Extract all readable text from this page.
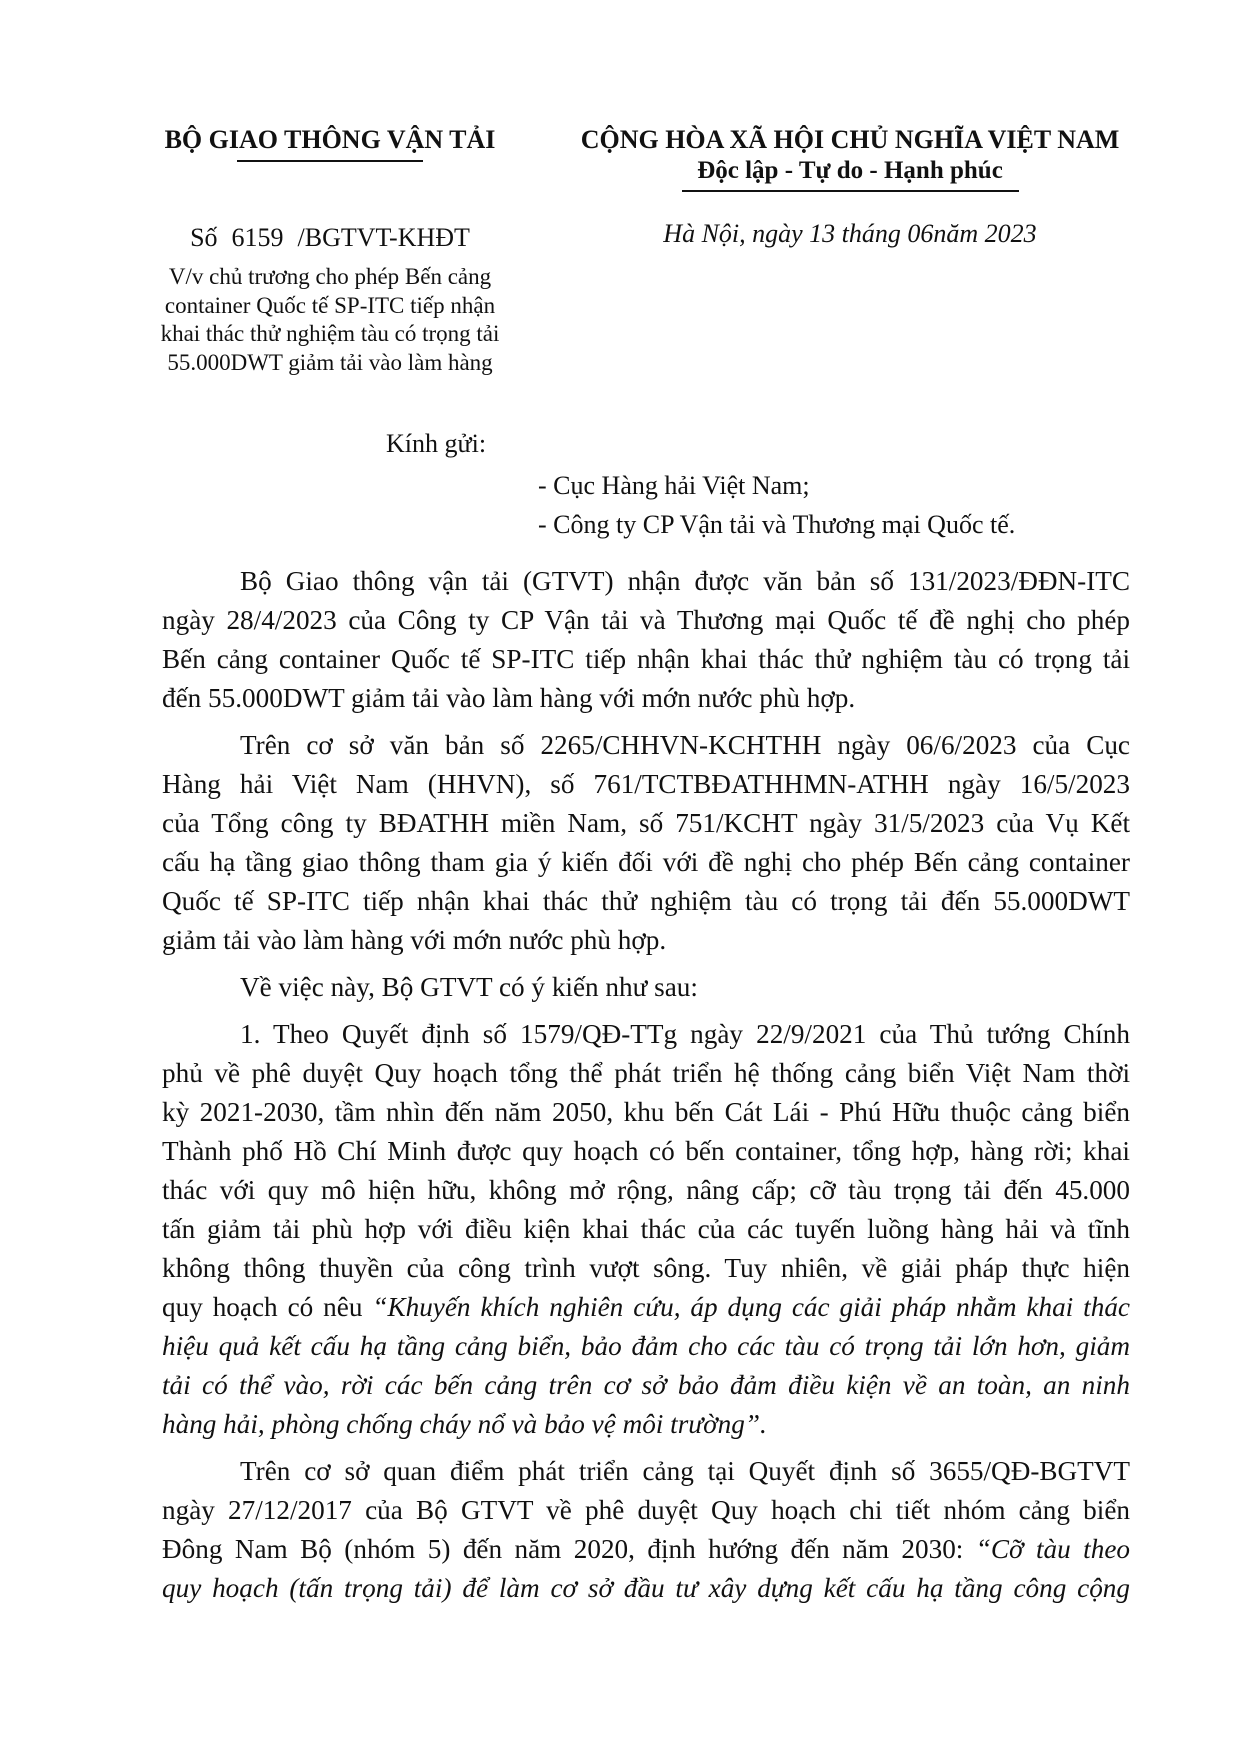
BỘ GIAO THÔNG VẬN TẢI	CỘNG HÒA XÃ HỘI CHỦ NGHĨA VIỆT NAM
Độc lập - Tự do - Hạnh phúc
Số 6159 /BGTVT-KHĐT	Hà Nội, ngày 13 tháng 06năm 2023
V/v chủ trương cho phép Bến cảng
container Quốc tế SP-ITC tiếp nhận
khai thác thử nghiệm tàu có trọng tải
55.000DWT giảm tải vào làm hàng
Kính gửi:
- Cục Hàng hải Việt Nam;
- Công ty CP Vận tải và Thương mại Quốc tế.
Bộ Giao thông vận tải (GTVT) nhận được văn bản số 131/2023/ĐĐN-ITC
ngày 28/4/2023 của Công ty CP Vận tải và Thương mại Quốc tế đề nghị cho phép
Bến cảng container Quốc tế SP-ITC tiếp nhận khai thác thử nghiệm tàu có trọng tải
đến 55.000DWT giảm tải vào làm hàng với mớn nước phù hợp.
Trên cơ sở văn bản số 2265/CHHVN-KCHTHH ngày 06/6/2023 của Cục
Hàng hải Việt Nam (HHVN), số 761/TCTBĐATHHMN-ATHH ngày 16/5/2023
của Tổng công ty BĐATHH miền Nam, số 751/KCHT ngày 31/5/2023 của Vụ Kết
cấu hạ tầng giao thông tham gia ý kiến đối với đề nghị cho phép Bến cảng container
Quốc tế SP-ITC tiếp nhận khai thác thử nghiệm tàu có trọng tải đến 55.000DWT
giảm tải vào làm hàng với mớn nước phù hợp.
Về việc này, Bộ GTVT có ý kiến như sau:
1. Theo Quyết định số 1579/QĐ-TTg ngày 22/9/2021 của Thủ tướng Chính
phủ về phê duyệt Quy hoạch tổng thể phát triển hệ thống cảng biển Việt Nam thời
kỳ 2021-2030, tầm nhìn đến năm 2050, khu bến Cát Lái - Phú Hữu thuộc cảng biển
Thành phố Hồ Chí Minh được quy hoạch có bến container, tổng hợp, hàng rời; khai
thác với quy mô hiện hữu, không mở rộng, nâng cấp; cỡ tàu trọng tải đến 45.000
tấn giảm tải phù hợp với điều kiện khai thác của các tuyến luồng hàng hải và tĩnh
không thông thuyền của công trình vượt sông. Tuy nhiên, về giải pháp thực hiện
quy hoạch có nêu “Khuyến khích nghiên cứu, áp dụng các giải pháp nhằm khai thác
hiệu quả kết cấu hạ tầng cảng biển, bảo đảm cho các tàu có trọng tải lớn hơn, giảm
tải có thể vào, rời các bến cảng trên cơ sở bảo đảm điều kiện về an toàn, an ninh
hàng hải, phòng chống cháy nổ và bảo vệ môi trường”.
Trên cơ sở quan điểm phát triển cảng tại Quyết định số 3655/QĐ-BGTVT
ngày 27/12/2017 của Bộ GTVT về phê duyệt Quy hoạch chi tiết nhóm cảng biển
Đông Nam Bộ (nhóm 5) đến năm 2020, định hướng đến năm 2030: “Cỡ tàu theo
quy hoạch (tấn trọng tải) để làm cơ sở đầu tư xây dựng kết cấu hạ tầng công cộng
